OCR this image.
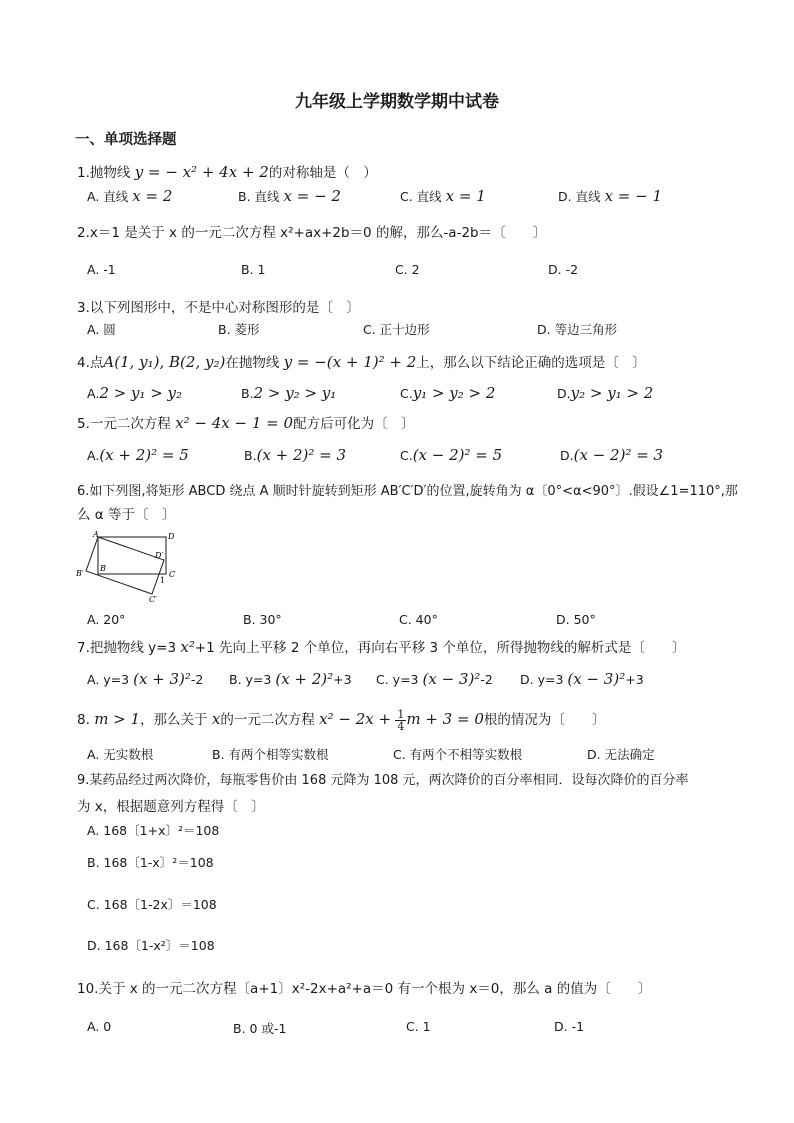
九年级上学期数学期中试卷
一、单项选择题
1.抛物线 y = − x² + 4x + 2的对称轴是（　）
A. 直线 x = 2	B. 直线 x = − 2	C. 直线 x = 1	D. 直线 x = − 1
2.x＝1 是关于 x 的一元二次方程 x²+ax+2b＝0 的解，那么-a-2b＝〔　　〕
A. -1	B. 1	C. 2	D. -2
3.以下列图形中，不是中心对称图形的是〔　〕
A. 圆	B. 菱形	C. 正十边形	D. 等边三角形
4.点A(1, y₁), B(2, y₂)在抛物线 y = −(x + 1)² + 2上，那么以下结论正确的选项是〔　〕
A.2 > y₁ > y₂	B.2 > y₂ > y₁	C.y₁ > y₂ > 2	D.y₂ > y₁ > 2
5.一元二次方程 x² − 4x − 1 = 0配方后可化为〔　〕
A.(x + 2)² = 5	B.(x + 2)² = 3	C.(x − 2)² = 5	D.(x − 2)² = 3
6.如下列图,将矩形 ABCD 绕点 A 顺时针旋转到矩形 AB′C′D′的位置,旋转角为 α〔0°<α<90°〕.假设∠1=110°,那
么 α 等于〔　〕
A	D
D′
B′
B
C
1
C′
A. 20°	B. 30°	C. 40°	D. 50°
7.把抛物线 y=3 x²+1 先向上平移 2 个单位，再向右平移 3 个单位，所得抛物线的解析式是〔　　〕
A. y=3 (x + 3)²-2 B. y=3 (x + 2)²+3 C. y=3 (x − 3)²-2 D. y=3 (x − 3)²+3
8. m > 1，那么关于 x的一元二次方程 $x^2 - 2x + \frac{1}{4}$ m + 3 = 0根的情况为〔　　〕
A. 无实数根	B. 有两个相等实数根	C. 有两个不相等实数根	D. 无法确定
9.某药品经过两次降价，每瓶零售价由 168 元降为 108 元，两次降价的百分率相同．设每次降价的百分率
为 x，根据题意列方程得〔　〕
A. 168〔1+x〕²＝108
B. 168〔1-x〕²＝108
C. 168〔1-2x〕＝108
D. 168〔1-x²〕＝108
10.关于 x 的一元二次方程〔a+1〕x²-2x+a²+a＝0 有一个根为 x＝0，那么 a 的值为〔　　〕
A. 0	B. 0 或-1	C. 1	D. -1
